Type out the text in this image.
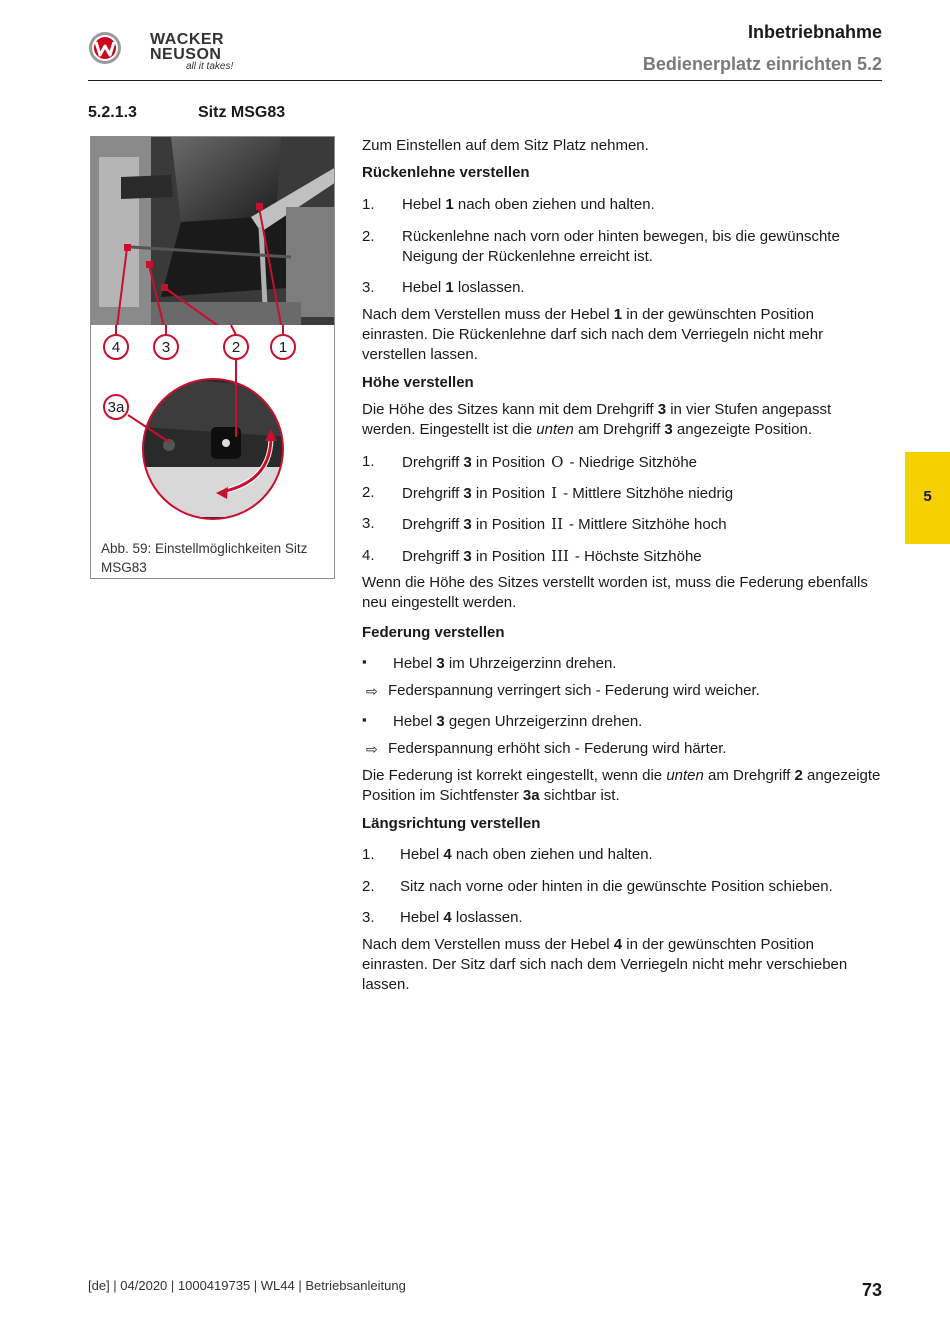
WACKER
NEUSON
all it takes!
Inbetriebnahme
Bedienerplatz einrichten 5.2
5.2.1.3	Sitz MSG83
4	3	2	1
3a
Abb. 59: Einstellmöglichkeiten Sitz MSG83
5
Zum Einstellen auf dem Sitz Platz nehmen.
Rückenlehne verstellen
1. Hebel 1 nach oben ziehen und halten.
2. Rückenlehne nach vorn oder hinten bewegen, bis die gewünschte Neigung der Rückenlehne erreicht ist.
3. Hebel 1 loslassen.
Nach dem Verstellen muss der Hebel 1 in der gewünschten Position einrasten. Die Rückenlehne darf sich nach dem Verriegeln nicht mehr verstellen lassen.
Höhe verstellen
Die Höhe des Sitzes kann mit dem Drehgriff 3 in vier Stufen angepasst werden. Eingestellt ist die unten am Drehgriff 3 angezeigte Position.
1. Drehgriff 3 in Position O - Niedrige Sitzhöhe
2. Drehgriff 3 in Position I - Mittlere Sitzhöhe niedrig
3. Drehgriff 3 in Position II - Mittlere Sitzhöhe hoch
4. Drehgriff 3 in Position III - Höchste Sitzhöhe
Wenn die Höhe des Sitzes verstellt worden ist, muss die Federung ebenfalls neu eingestellt werden.
Federung verstellen
▪ Hebel 3 im Uhrzeigerzinn drehen.
⇨ Federspannung verringert sich - Federung wird weicher.
▪ Hebel 3 gegen Uhrzeigerzinn drehen.
⇨ Federspannung erhöht sich - Federung wird härter.
Die Federung ist korrekt eingestellt, wenn die unten am Drehgriff 2 angezeigte Position im Sichtfenster 3a sichtbar ist.
Längsrichtung verstellen
1. Hebel 4 nach oben ziehen und halten.
2. Sitz nach vorne oder hinten in die gewünschte Position schieben.
3. Hebel 4 loslassen.
Nach dem Verstellen muss der Hebel 4 in der gewünschten Position einrasten. Der Sitz darf sich nach dem Verriegeln nicht mehr verschieben lassen.
[de] | 04/2020 | 1000419735 | WL44 | Betriebsanleitung	73
